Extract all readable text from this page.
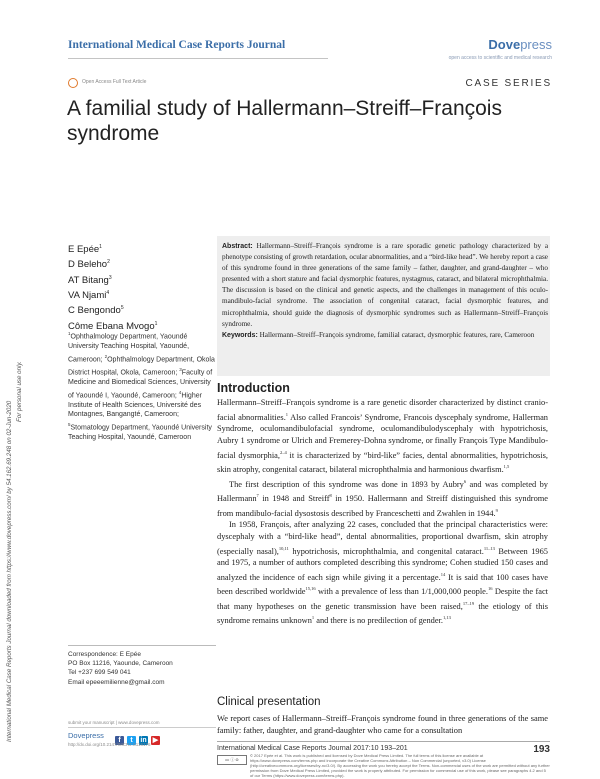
International Medical Case Reports Journal	Dovepress
open access to scientific and medical research
Open Access Full Text Article	CASE SERIES
A familial study of Hallermann–Streiff–François syndrome
International Medical Case Reports Journal downloaded from https://www.dovepress.com/ by 54.162.69.248 on 02-Jun-2020
For personal use only.
E Epée$^1$
D Beleho$^2$
AT Bitang$^3$
VA Njami$^4$
C Bengondo$^5$
Côme Ebana Mvogo$^1$
$^1$Ophthalmology Department, Yaoundé University Teaching Hospital, Yaoundé, Cameroon; $^2$Ophthalmology Department, Okola District Hospital, Okola, Cameroon; $^3$Faculty of Medicine and Biomedical Sciences, University of Yaoundé I, Yaoundé, Cameroon; $^4$Higher Institute of Health Sciences, Université des Montagnes, Bangangté, Cameroon; $^5$Stomatology Department, Yaoundé University Teaching Hospital, Yaoundé, Cameroon
Correspondence: E Epée
PO Box 11216, Yaounde, Cameroon
Tel +237 699 549 041
Email epeeemilienne@gmail.com
Abstract: Hallermann–Streiff–François syndrome is a rare sporadic genetic pathology characterized by a phenotype consisting of growth retardation, ocular abnormalities, and a “bird-like head”. We hereby report a case of this syndrome found in three generations of the same family – father, daughter, and grand-daughter – who presented with a short stature and facial dysmorphic features, nystagmus, cataract, and bilateral microphthalmia. The discussion is based on the clinical and genetic aspects, and the challenges in management of this oculo-mandibulo-facial syndrome. The association of congenital cataract, facial dysmorphic features, and microphthalmia, should guide the diagnosis of dysmorphic syndromes such as Hallermann–Streiff–François syndrome.
Keywords: Hallermann–Streiff–François syndrome, familial cataract, dysmorphic features, rare, Cameroon
Introduction

Hallermann–Streiff–François syndrome is a rare genetic disorder characterized by distinct cranio-facial abnormalities.$^1$ Also called Francois’ Syndrome, Francois dyscephaly syndrome, Hallerman Syndrome, oculomandibulofacial syndrome, oculomandibulodyscephaly with hypotrichosis, Aubry 1 syndrome or Ulrich and Fremerey-Dohna syndrome, or finally François Type Mandibulo-facial dysmorphia,$^{2-4}$ it is characterized by “bird-like” facies, dental abnormalities, hypotrichosis, skin atrophy, congenital cataract, bilateral microphthalmia and harmonious dwarfism.$^{1,5}$

The first description of this syndrome was done in 1893 by Aubry$^6$ and was completed by Hallermann$^7$ in 1948 and Streiff$^8$ in 1950. Hallermann and Streiff distinguished this syndrome from mandibulo-facial dysostosis described by Franceschetti and Zwahlen in 1944.$^9$

In 1958, François, after analyzing 22 cases, concluded that the principal characteristics were: dyscephaly with a “bird-like head”, dental abnormalities, proportional dwarfism, skin atrophy (especially nasal),$^{10,11}$ hypotrichosis, microphthalmia, and congenital cataract.$^{11-13}$ Between 1965 and 1975, a number of authors completed describing this syndrome; Cohen studied 150 cases and analyzed the incidence of each sign while giving it a percentage.$^{14}$ It is said that 100 cases have been described worldwide$^{15,16}$ with a prevalence of less than 1/1,000,000 people.$^{16}$ Despite the fact that many hypotheses on the genetic transmission have been raised,$^{17-19}$ the etiology of this syndrome remains unknown$^1$ and there is no predilection of gender.$^{1,13}$

Clinical presentation

We report cases of Hallermann–Streiff–François syndrome found in three generations of the same family: father, daughter, and grand-daughter who came for a consultation

submit your manuscript | www.dovepress.com
Dovepress
f t in ▶
http://dx.doi.org/10.2147/IMCRJ.S116176
International Medical Case Reports Journal 2017:10 193–201	193
cc ⓘ ⊜
© 2017 Epée et al. This work is published and licensed by Dove Medical Press Limited. The full terms of this license are available at https://www.dovepress.com/terms.php and incorporate the Creative Commons Attribution – Non Commercial (unported, v3.0) License (http://creativecommons.org/licenses/by-nc/3.0/). By accessing the work you hereby accept the Terms. Non-commercial uses of the work are permitted without any further permission from Dove Medical Press Limited, provided the work is properly attributed. For permission for commercial use of this work, please see paragraphs 4.2 and 5 of our Terms (https://www.dovepress.com/terms.php).
